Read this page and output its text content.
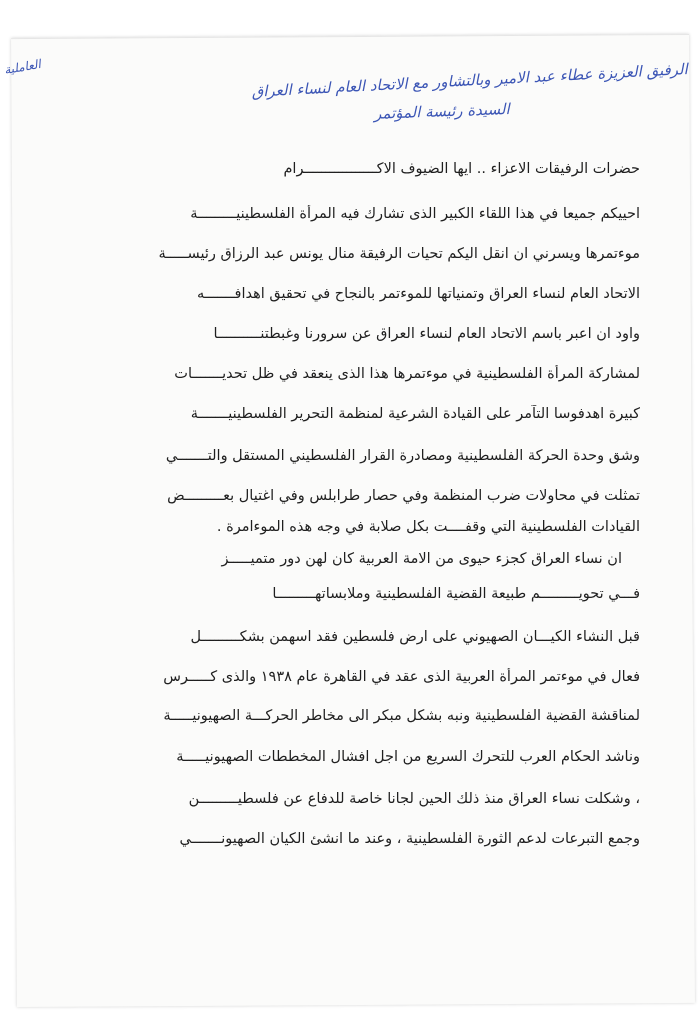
الرفيق العزيزة عطاء عبد الامير وبالتشاور مع الاتحاد العام لنساء العراق
السيدة رئيسة المؤتمر
العاملية
حضرات الرفيقات الاعزاء .. ايها الضيوف الاكـــــــــــــــــرام
احييكم جميعا في هذا اللقاء الكبير الذى تشارك فيه المرأة الفلسطينيـــــــــة
موءتمرها ويسرني ان انقل اليكم تحيات الرفيقة منال يونس عبد الرزاق رئيســـــة
الاتحاد العام لنساء العراق وتمنياتها للموءتمر بالنجاح في تحقيق اهدافـــــــه
واود ان اعبر باسم الاتحاد العام لنساء العراق عن سرورنا وغبطتنــــــــــا
لمشاركة المرأة الفلسطينية في موءتمرها هذا الذى ينعقد في ظل تحديـــــــات
كبيرة اهدفوسا التآمر على القيادة الشرعية لمنظمة التحرير الفلسطينيـــــــة
وشق وحدة الحركة الفلسطينية ومصادرة القرار الفلسطيني المستقل والتـــــــي
تمثلت في محاولات ضرب المنظمة وفي حصار طرابلس وفي اغتيال بعـــــــــض
القيادات الفلسطينية التي وقفــــت بكل صلابة في وجه هذه الموءامرة .
ان نساء العراق كجزء حيوى من الامة العربية كان لهن دور متميـــــز
فـــي تحويـــــــــم طبيعة القضية الفلسطينية وملابساتهـــــــــا
قبل النشاء الكيـــان الصهيوني على ارض فلسطين فقد اسهمن بشكـــــــــل
فعال في موءتمر المرأة العربية الذى عقد في القاهرة عام ١٩٣٨ والذى كـــــرس
لمناقشة القضية الفلسطينية ونبه بشكل مبكر الى مخاطر الحركـــة الصهيونيـــــة
وناشد الحكام العرب للتحرك السريع من اجل افشال المخططات الصهيونيـــــة
، وشكلت نساء العراق منذ ذلك الحين لجانا خاصة للدفاع عن فلسطيـــــــــن
وجمع التبرعات لدعم الثورة الفلسطينية ، وعند ما انشئ الكيان الصهيونـــــــي
